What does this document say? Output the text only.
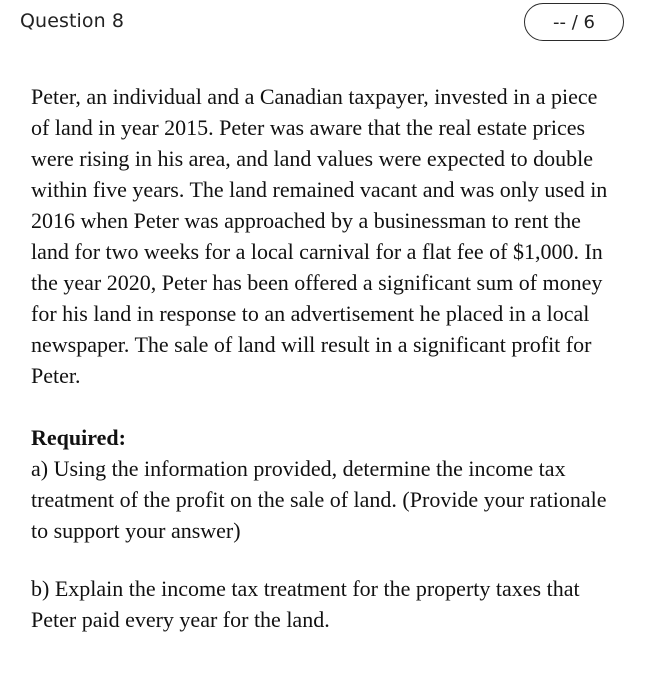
Question 8	-- / 6

Peter, an individual and a Canadian taxpayer, invested in a piece of land in year 2015. Peter was aware that the real estate prices were rising in his area, and land values were expected to double within five years. The land remained vacant and was only used in 2016 when Peter was approached by a businessman to rent the land for two weeks for a local carnival for a flat fee of $1,000. In the year 2020, Peter has been offered a significant sum of money for his land in response to an advertisement he placed in a local newspaper. The sale of land will result in a significant profit for Peter.

Required:

a) Using the information provided, determine the income tax treatment of the profit on the sale of land. (Provide your rationale to support your answer)

b) Explain the income tax treatment for the property taxes that Peter paid every year for the land.
